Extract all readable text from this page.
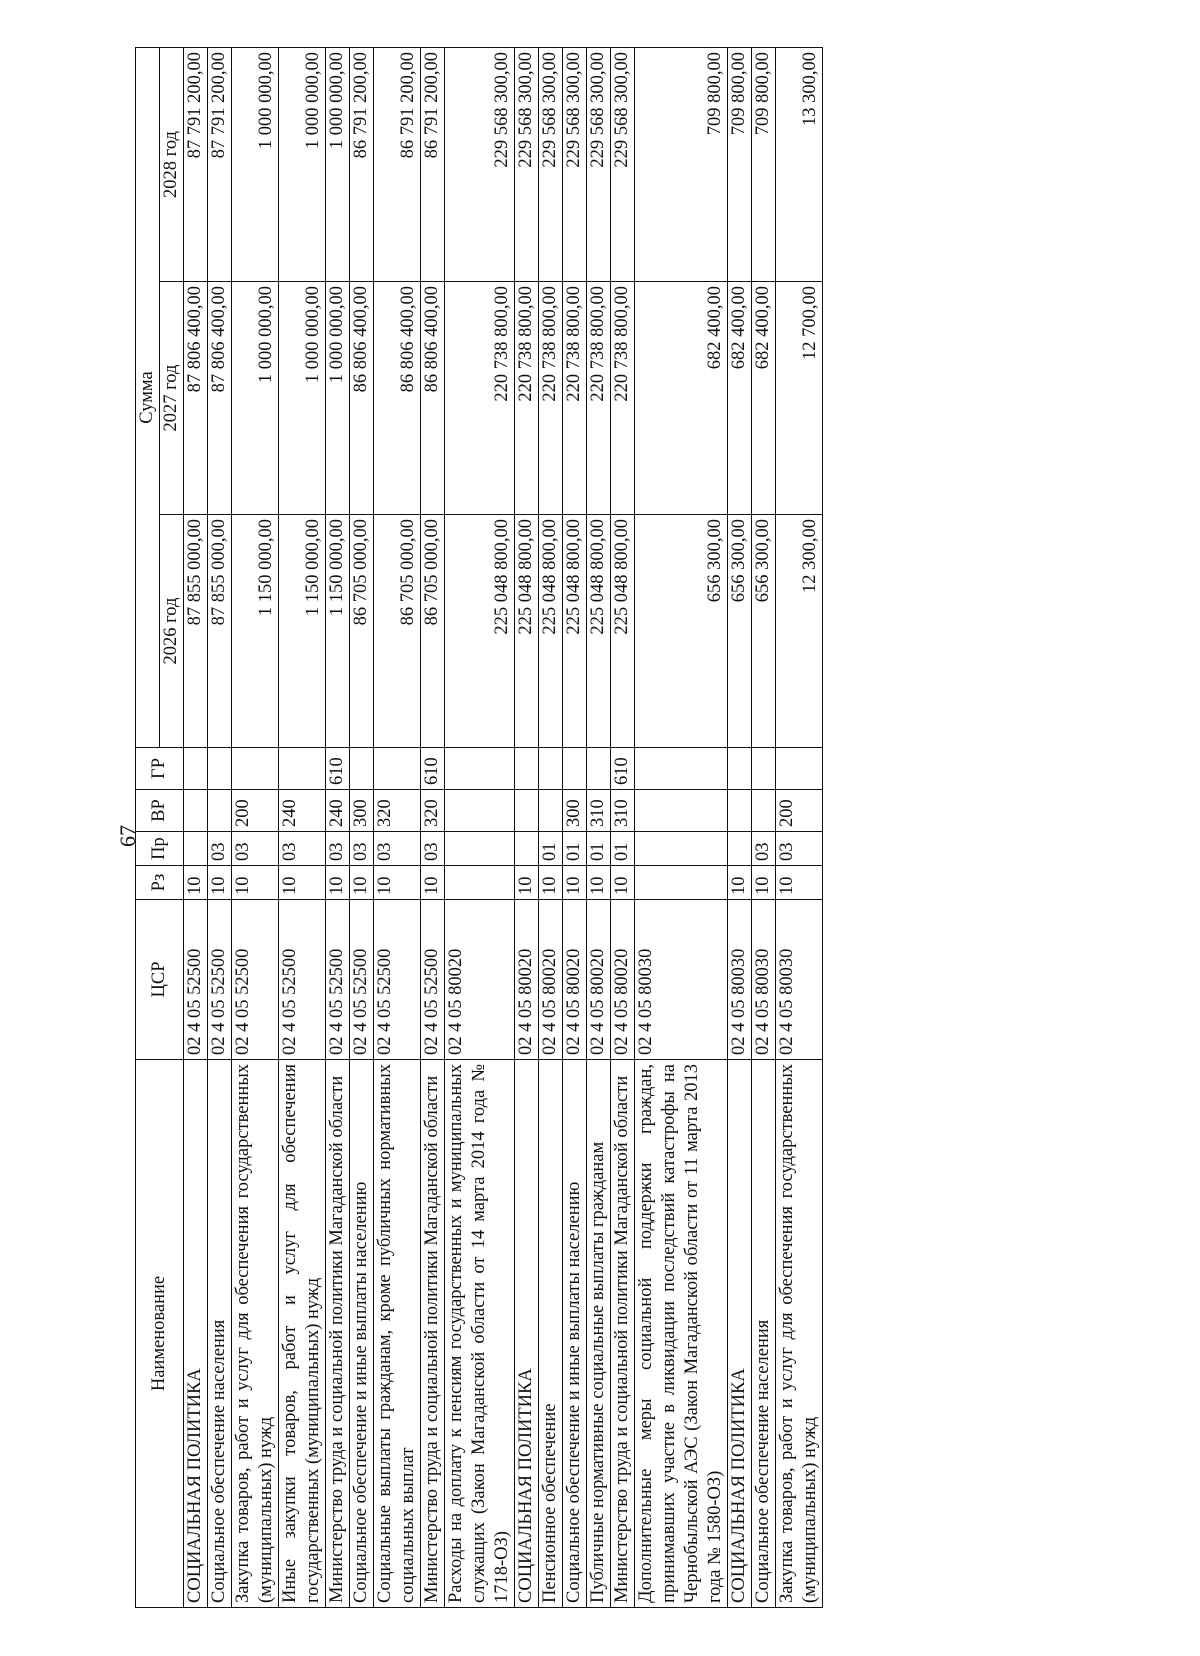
67
Наименование	ЦСР	Рз	Пр	ВР	ГР	Сумма		
						2026 год	2027 год	2028 год
СОЦИАЛЬНАЯ ПОЛИТИКА	02 4 05 52500	10				87 855 000,00	87 806 400,00	87 791 200,00
Социальное обеспечение населения	02 4 05 52500	10	03			87 855 000,00	87 806 400,00	87 791 200,00
Закупка товаров, работ и услуг для обеспечения государственных (муниципальных) нужд	02 4 05 52500	10	03	200		1 150 000,00	1 000 000,00	1 000 000,00
Иные закупки товаров, работ и услуг для обеспечения государственных (муниципальных) нужд	02 4 05 52500	10	03	240		1 150 000,00	1 000 000,00	1 000 000,00
Министерство труда и социальной политики Магаданской области	02 4 05 52500	10	03	240	610	1 150 000,00	1 000 000,00	1 000 000,00
Социальное обеспечение и иные выплаты населению	02 4 05 52500	10	03	300		86 705 000,00	86 806 400,00	86 791 200,00
Социальные выплаты гражданам, кроме публичных нормативных социальных выплат	02 4 05 52500	10	03	320		86 705 000,00	86 806 400,00	86 791 200,00
Министерство труда и социальной политики Магаданской области	02 4 05 52500	10	03	320	610	86 705 000,00	86 806 400,00	86 791 200,00
Расходы на доплату к пенсиям государственных и муниципальных служащих (Закон Магаданской области от 14 марта 2014 года № 1718-ОЗ)	02 4 05 80020					225 048 800,00	220 738 800,00	229 568 300,00
СОЦИАЛЬНАЯ ПОЛИТИКА	02 4 05 80020	10				225 048 800,00	220 738 800,00	229 568 300,00
Пенсионное обеспечение	02 4 05 80020	10	01			225 048 800,00	220 738 800,00	229 568 300,00
Социальное обеспечение и иные выплаты населению	02 4 05 80020	10	01	300		225 048 800,00	220 738 800,00	229 568 300,00
Публичные нормативные социальные выплаты гражданам	02 4 05 80020	10	01	310		225 048 800,00	220 738 800,00	229 568 300,00
Министерство труда и социальной политики Магаданской области	02 4 05 80020	10	01	310	610	225 048 800,00	220 738 800,00	229 568 300,00
Дополнительные меры социальной поддержки граждан, принимавших участие в ликвидации последствий катастрофы на Чернобыльской АЭС (Закон Магаданской области от 11 марта 2013 года № 1580-ОЗ)	02 4 05 80030					656 300,00	682 400,00	709 800,00
СОЦИАЛЬНАЯ ПОЛИТИКА	02 4 05 80030	10				656 300,00	682 400,00	709 800,00
Социальное обеспечение населения	02 4 05 80030	10	03			656 300,00	682 400,00	709 800,00
Закупка товаров, работ и услуг для обеспечения государственных (муниципальных) нужд	02 4 05 80030	10	03	200		12 300,00	12 700,00	13 300,00
